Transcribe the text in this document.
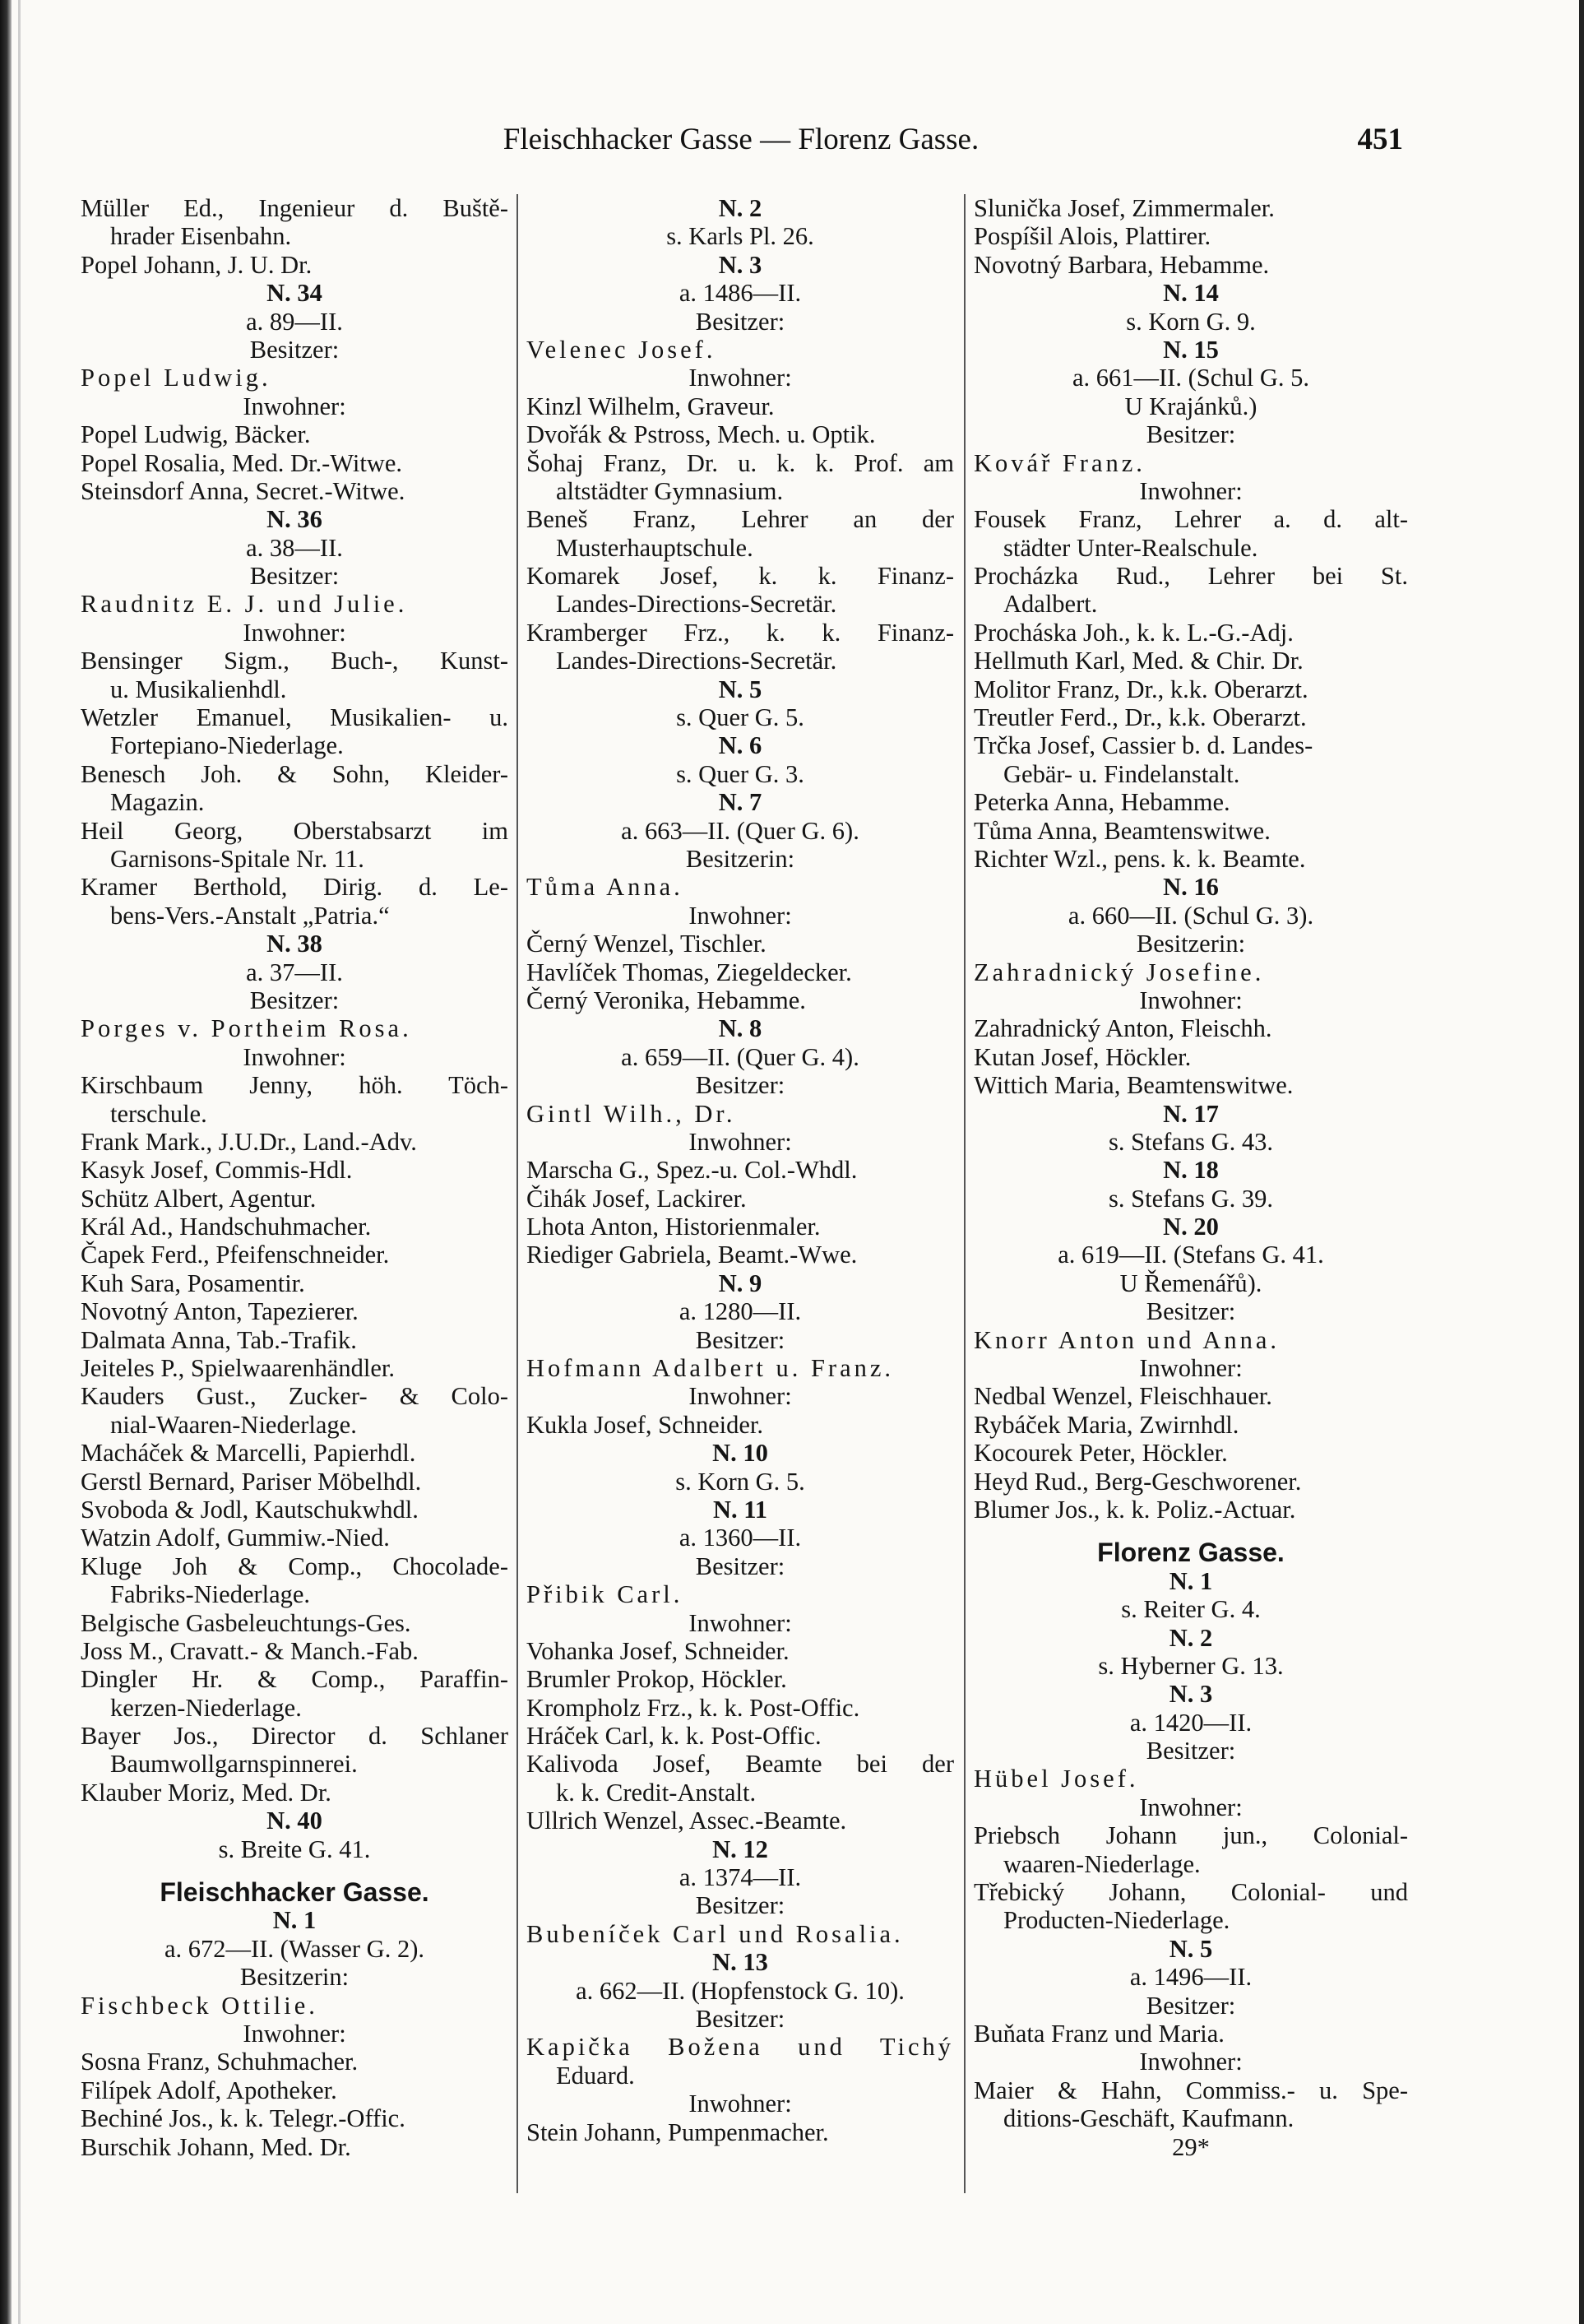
Fleischhacker Gasse — Florenz Gasse.	451
Müller Ed., Ingenieur d. Buště-
hrader Eisenbahn.
Popel Johann, J. U. Dr.
N. 34
a. 89—II.
Besitzer:
Popel Ludwig.
Inwohner:
Popel Ludwig, Bäcker.
Popel Rosalia, Med. Dr.-Witwe.
Steinsdorf Anna, Secret.-Witwe.
N. 36
a. 38—II.
Besitzer:
Raudnitz E. J. und Julie.
Inwohner:
Bensinger Sigm., Buch-, Kunst-
u. Musikalienhdl.
Wetzler Emanuel, Musikalien- u.
Fortepiano-Niederlage.
Benesch Joh. & Sohn, Kleider-
Magazin.
Heil Georg, Oberstabsarzt im
Garnisons-Spitale Nr. 11.
Kramer Berthold, Dirig. d. Le-
bens-Vers.-Anstalt „Patria.“
N. 38
a. 37—II.
Besitzer:
Porges v. Portheim Rosa.
Inwohner:
Kirschbaum Jenny, höh. Töch-
terschule.
Frank Mark., J.U.Dr., Land.-Adv.
Kasyk Josef, Commis-Hdl.
Schütz Albert, Agentur.
Král Ad., Handschuhmacher.
Čapek Ferd., Pfeifenschneider.
Kuh Sara, Posamentir.
Novotný Anton, Tapezierer.
Dalmata Anna, Tab.-Trafik.
Jeiteles P., Spielwaarenhändler.
Kauders Gust., Zucker- & Colo-
nial-Waaren-Niederlage.
Macháček & Marcelli, Papierhdl.
Gerstl Bernard, Pariser Möbelhdl.
Svoboda & Jodl, Kautschukwhdl.
Watzin Adolf, Gummiw.-Nied.
Kluge Joh & Comp., Chocolade-
Fabriks-Niederlage.
Belgische Gasbeleuchtungs-Ges.
Joss M., Cravatt.- & Manch.-Fab.
Dingler Hr. & Comp., Paraffin-
kerzen-Niederlage.
Bayer Jos., Director d. Schlaner
Baumwollgarnspinnerei.
Klauber Moriz, Med. Dr.
N. 40
s. Breite G. 41.
Fleischhacker Gasse.
N. 1
a. 672—II. (Wasser G. 2).
Besitzerin:
Fischbeck Ottilie.
Inwohner:
Sosna Franz, Schuhmacher.
Filípek Adolf, Apotheker.
Bechiné Jos., k. k. Telegr.-Offic.
Burschik Johann, Med. Dr.
N. 2
s. Karls Pl. 26.
N. 3
a. 1486—II.
Besitzer:
Velenec Josef.
Inwohner:
Kinzl Wilhelm, Graveur.
Dvořák & Pstross, Mech. u. Optik.
Šohaj Franz, Dr. u. k. k. Prof. am
altstädter Gymnasium.
Beneš Franz, Lehrer an der
Musterhauptschule.
Komarek Josef, k. k. Finanz-
Landes-Directions-Secretär.
Kramberger Frz., k. k. Finanz-
Landes-Directions-Secretär.
N. 5
s. Quer G. 5.
N. 6
s. Quer G. 3.
N. 7
a. 663—II. (Quer G. 6).
Besitzerin:
Tůma Anna.
Inwohner:
Černý Wenzel, Tischler.
Havlíček Thomas, Ziegeldecker.
Černý Veronika, Hebamme.
N. 8
a. 659—II. (Quer G. 4).
Besitzer:
Gintl Wilh., Dr.
Inwohner:
Marscha G., Spez.-u. Col.-Whdl.
Čihák Josef, Lackirer.
Lhota Anton, Historienmaler.
Riediger Gabriela, Beamt.-Wwe.
N. 9
a. 1280—II.
Besitzer:
Hofmann Adalbert u. Franz.
Inwohner:
Kukla Josef, Schneider.
N. 10
s. Korn G. 5.
N. 11
a. 1360—II.
Besitzer:
Přibik Carl.
Inwohner:
Vohanka Josef, Schneider.
Brumler Prokop, Höckler.
Krompholz Frz., k. k. Post-Offic.
Hráček Carl, k. k. Post-Offic.
Kalivoda Josef, Beamte bei der
k. k. Credit-Anstalt.
Ullrich Wenzel, Assec.-Beamte.
N. 12
a. 1374—II.
Besitzer:
Bubeníček Carl und Rosalia.
N. 13
a. 662—II. (Hopfenstock G. 10).
Besitzer:
Kapička Božena und Tichý
Eduard.
Inwohner:
Stein Johann, Pumpenmacher.
Slunička Josef, Zimmermaler.
Pospíšil Alois, Plattirer.
Novotný Barbara, Hebamme.
N. 14
s. Korn G. 9.
N. 15
a. 661—II. (Schul G. 5.
U Krajánků.)
Besitzer:
Kovář Franz.
Inwohner:
Fousek Franz, Lehrer a. d. alt-
städter Unter-Realschule.
Procházka Rud., Lehrer bei St.
Adalbert.
Procháska Joh., k. k. L.-G.-Adj.
Hellmuth Karl, Med. & Chir. Dr.
Molitor Franz, Dr., k.k. Oberarzt.
Treutler Ferd., Dr., k.k. Oberarzt.
Trčka Josef, Cassier b. d. Landes-
Gebär- u. Findelanstalt.
Peterka Anna, Hebamme.
Tůma Anna, Beamtenswitwe.
Richter Wzl., pens. k. k. Beamte.
N. 16
a. 660—II. (Schul G. 3).
Besitzerin:
Zahradnický Josefine.
Inwohner:
Zahradnický Anton, Fleischh.
Kutan Josef, Höckler.
Wittich Maria, Beamtenswitwe.
N. 17
s. Stefans G. 43.
N. 18
s. Stefans G. 39.
N. 20
a. 619—II. (Stefans G. 41.
U Řemenářů).
Besitzer:
Knorr Anton und Anna.
Inwohner:
Nedbal Wenzel, Fleischhauer.
Rybáček Maria, Zwirnhdl.
Kocourek Peter, Höckler.
Heyd Rud., Berg-Geschworener.
Blumer Jos., k. k. Poliz.-Actuar.
Florenz Gasse.
N. 1
s. Reiter G. 4.
N. 2
s. Hyberner G. 13.
N. 3
a. 1420—II.
Besitzer:
Hübel Josef.
Inwohner:
Priebsch Johann jun., Colonial-
waaren-Niederlage.
Třebický Johann, Colonial- und
Producten-Niederlage.
N. 5
a. 1496—II.
Besitzer:
Buňata Franz und Maria.
Inwohner:
Maier & Hahn, Commiss.- u. Spe-
ditions-Geschäft, Kaufmann.
29*
